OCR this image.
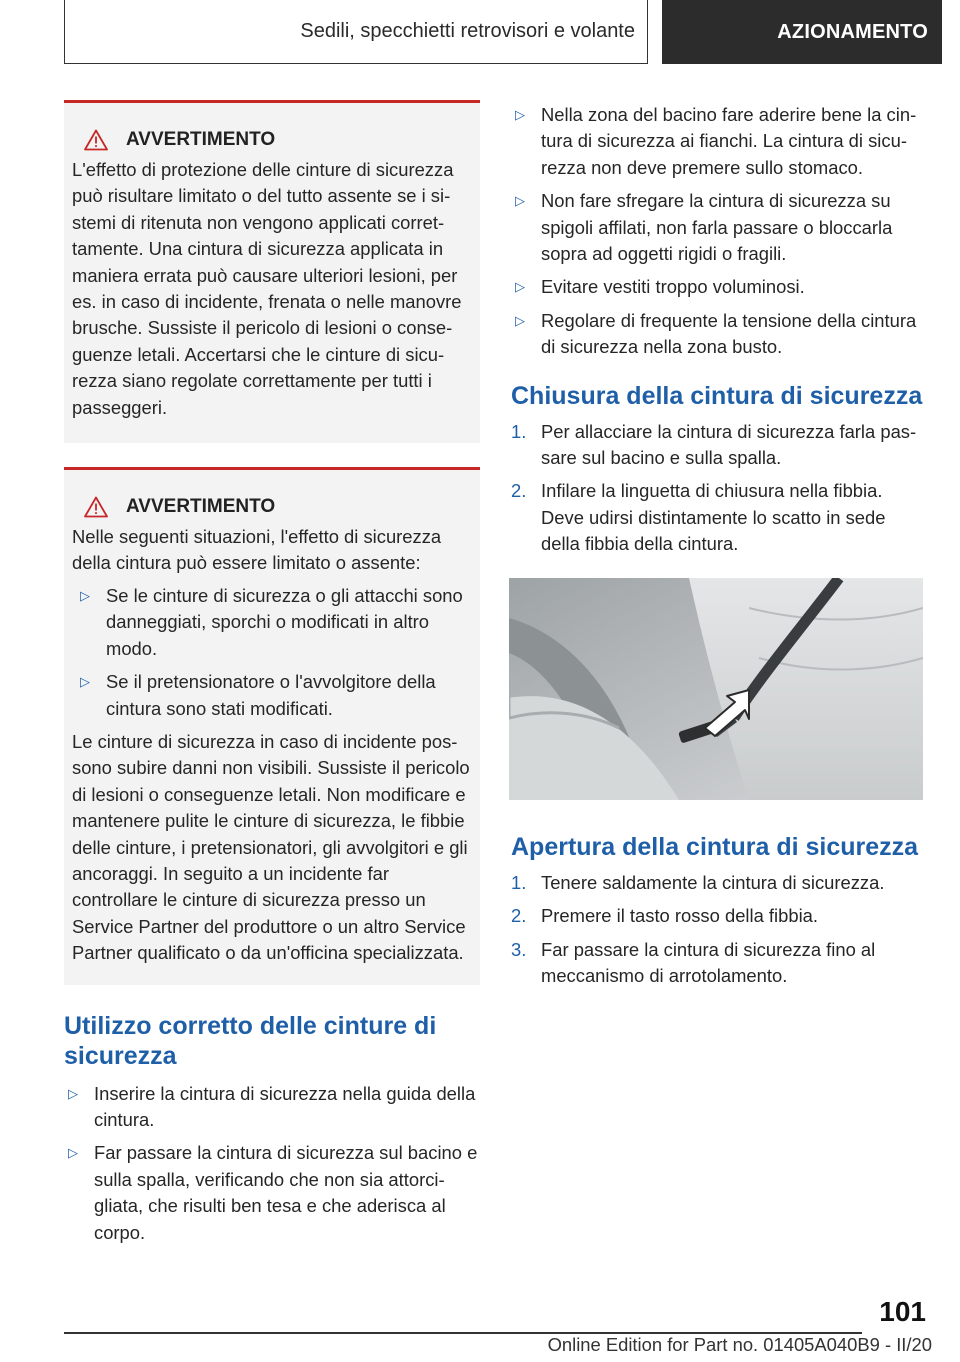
Sedili, specchietti retrovisori e volante	AZIONAMENTO
AVVERTIMENTO

L'effetto di protezione delle cinture di sicurezza può risultare limitato o del tutto assente se i sistemi di ritenuta non vengono applicati correttamente. Una cintura di sicurezza applicata in maniera errata può causare ulteriori lesioni, per es. in caso di incidente, frenata o nelle manovre brusche. Sussiste il pericolo di lesioni o conseguenze letali. Accertarsi che le cinture di sicurezza siano regolate correttamente per tutti i passeggeri.

AVVERTIMENTO

Nelle seguenti situazioni, l'effetto di sicurezza della cintura può essere limitato o assente:

▷ Se le cinture di sicurezza o gli attacchi sono danneggiati, sporchi o modificati in altro modo.
▷ Se il pretensionatore o l'avvolgitore della cintura sono stati modificati.

Le cinture di sicurezza in caso di incidente possono subire danni non visibili. Sussiste il pericolo di lesioni o conseguenze letali. Non modificare e mantenere pulite le cinture di sicurezza, le fibbie delle cinture, i pretensionatori, gli avvolgitori e gli ancoraggi. In seguito a un incidente far controllare le cinture di sicurezza presso un Service Partner del produttore o un altro Service Partner qualificato o da un'officina specializzata.

Utilizzo corretto delle cinture di sicurezza
▷ Inserire la cintura di sicurezza nella guida della cintura.
▷ Far passare la cintura di sicurezza sul bacino e sulla spalla, verificando che non sia attorcigliata, che risulti ben tesa e che aderisca al corpo.
▷ Nella zona del bacino fare aderire bene la cintura di sicurezza ai fianchi. La cintura di sicurezza non deve premere sullo stomaco.
▷ Non fare sfregare la cintura di sicurezza su spigoli affilati, non farla passare o bloccarla sopra ad oggetti rigidi o fragili.
▷ Evitare vestiti troppo voluminosi.
▷ Regolare di frequente la tensione della cintura di sicurezza nella zona busto.
Chiusura della cintura di sicurezza
1. Per allacciare la cintura di sicurezza farla passare sul bacino e sulla spalla.
2. Infilare la linguetta di chiusura nella fibbia. Deve udirsi distintamente lo scatto in sede della fibbia della cintura.
Apertura della cintura di sicurezza
1. Tenere saldamente la cintura di sicurezza.
2. Premere il tasto rosso della fibbia.
3. Far passare la cintura di sicurezza fino al meccanismo di arrotolamento.
101
Online Edition for Part no. 01405A040B9 - II/20
